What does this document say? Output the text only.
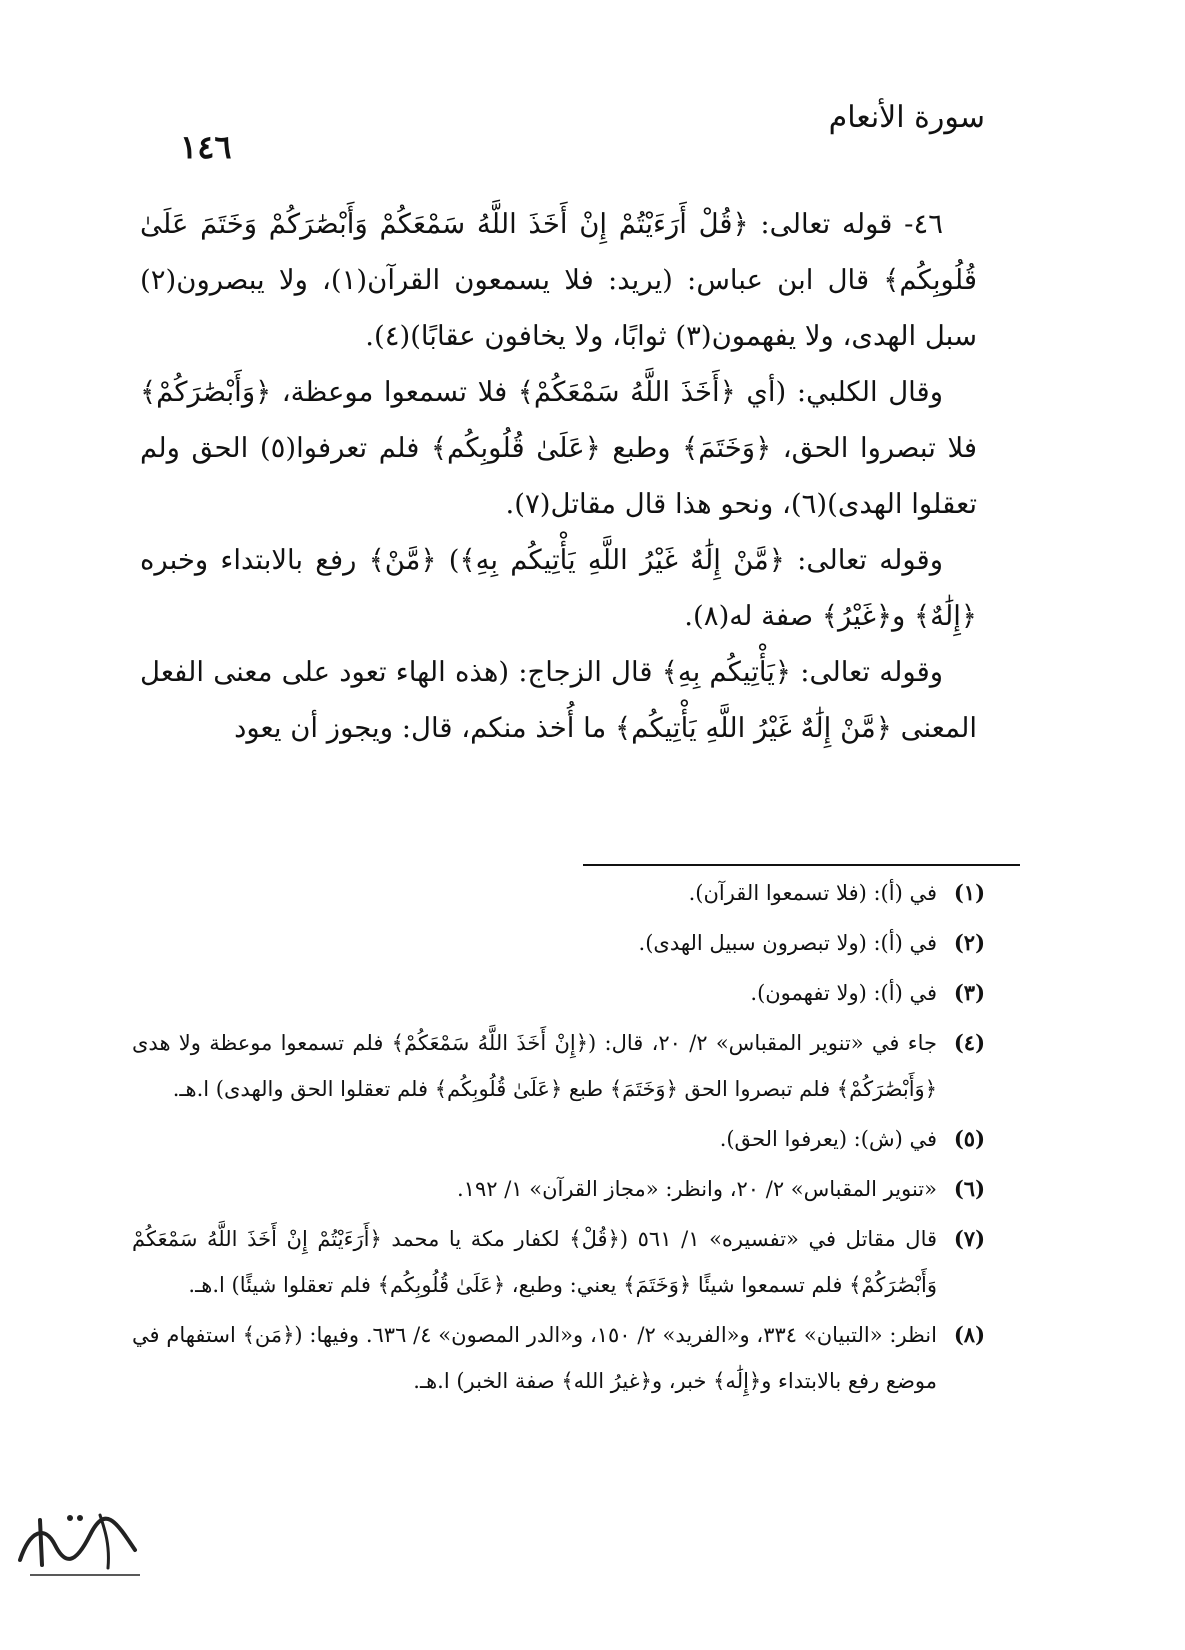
سورة الأنعام
١٤٦

٤٦- قوله تعالى: ﴿قُلْ أَرَءَيْتُمْ إِنْ أَخَذَ اللَّهُ سَمْعَكُمْ وَأَبْصَٰرَكُمْ وَخَتَمَ عَلَىٰ قُلُوبِكُم﴾ قال ابن عباس: (يريد: فلا يسمعون القرآن(١)، ولا يبصرون(٢) سبل الهدى، ولا يفهمون(٣) ثوابًا، ولا يخافون عقابًا)(٤).

وقال الكلبي: (أي ﴿أَخَذَ اللَّهُ سَمْعَكُمْ﴾ فلا تسمعوا موعظة، ﴿وَأَبْصَٰرَكُمْ﴾ فلا تبصروا الحق، ﴿وَخَتَمَ﴾ وطبع ﴿عَلَىٰ قُلُوبِكُم﴾ فلم تعرفوا(٥) الحق ولم تعقلوا الهدى)(٦)، ونحو هذا قال مقاتل(٧).

وقوله تعالى: ﴿مَّنْ إِلَٰهٌ غَيْرُ اللَّهِ يَأْتِيكُم بِهِ﴾) ﴿مَّنْ﴾ رفع بالابتداء وخبره ﴿إِلَٰهٌ﴾ و﴿غَيْرُ﴾ صفة له(٨).

وقوله تعالى: ﴿يَأْتِيكُم بِهِ﴾ قال الزجاج: (هذه الهاء تعود على معنى الفعل المعنى ﴿مَّنْ إِلَٰهٌ غَيْرُ اللَّهِ يَأْتِيكُم﴾ ما أُخذ منكم، قال: ويجوز أن يعود

(١)
في (أ): (فلا تسمعوا القرآن).
(٢)
في (أ): (ولا تبصرون سبيل الهدى).
(٣)
في (أ): (ولا تفهمون).
(٤)
جاء في «تنوير المقباس» ٢/ ٢٠، قال: (﴿إِنْ أَخَذَ اللَّهُ سَمْعَكُمْ﴾ فلم تسمعوا موعظة ولا هدى ﴿وَأَبْصَٰرَكُمْ﴾ فلم تبصروا الحق ﴿وَخَتَمَ﴾ طبع ﴿عَلَىٰ قُلُوبِكُم﴾ فلم تعقلوا الحق والهدى) ا.هـ.
(٥)
في (ش): (يعرفوا الحق).
(٦)
«تنوير المقباس» ٢/ ٢٠، وانظر: «مجاز القرآن» ١/ ١٩٢.
(٧)
قال مقاتل في «تفسيره» ١/ ٥٦١ (﴿قُلْ﴾ لكفار مكة يا محمد ﴿أَرَءَيْتُمْ إِنْ أَخَذَ اللَّهُ سَمْعَكُمْ وَأَبْصَٰرَكُمْ﴾ فلم تسمعوا شيئًا ﴿وَخَتَمَ﴾ يعني: وطبع، ﴿عَلَىٰ قُلُوبِكُم﴾ فلم تعقلوا شيئًا) ا.هـ.
(٨)
انظر: «التبيان» ٣٣٤، و«الفريد» ٢/ ١٥٠، و«الدر المصون» ٤/ ٦٣٦. وفيها: (﴿مَن﴾ استفهام في موضع رفع بالابتداء و﴿إِلَٰه﴾ خبر، و﴿غيرُ الله﴾ صفة الخبر) ا.هـ.
